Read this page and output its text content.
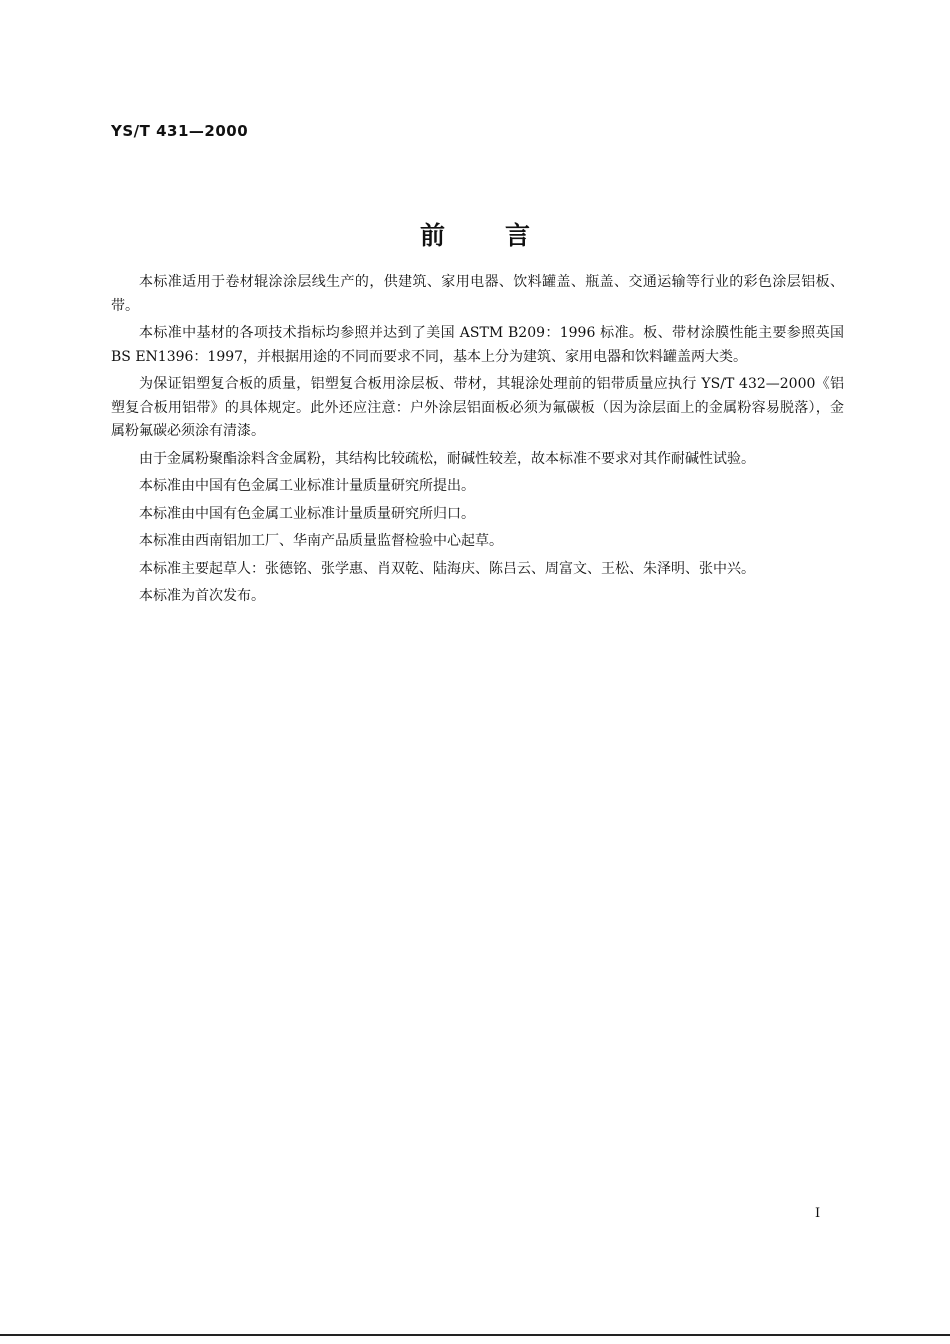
YS/T 431—2000
前言

本标准适用于卷材辊涂涂层线生产的，供建筑、家用电器、饮料罐盖、瓶盖、交通运输等行业的彩色涂层铝板、带。

本标准中基材的各项技术指标均参照并达到了美国 ASTM B209：1996 标准。板、带材涂膜性能主要参照英国 BS EN1396：1997，并根据用途的不同而要求不同，基本上分为建筑、家用电器和饮料罐盖两大类。

为保证铝塑复合板的质量，铝塑复合板用涂层板、带材，其辊涂处理前的铝带质量应执行 YS/T 432—2000《铝塑复合板用铝带》的具体规定。此外还应注意：户外涂层铝面板必须为氟碳板（因为涂层面上的金属粉容易脱落），金属粉氟碳必须涂有清漆。

由于金属粉聚酯涂料含金属粉，其结构比较疏松，耐碱性较差，故本标准不要求对其作耐碱性试验。

本标准由中国有色金属工业标准计量质量研究所提出。

本标准由中国有色金属工业标准计量质量研究所归口。

本标准由西南铝加工厂、华南产品质量监督检验中心起草。

本标准主要起草人：张德铭、张学惠、肖双乾、陆海庆、陈吕云、周富文、王松、朱泽明、张中兴。

本标准为首次发布。

I
